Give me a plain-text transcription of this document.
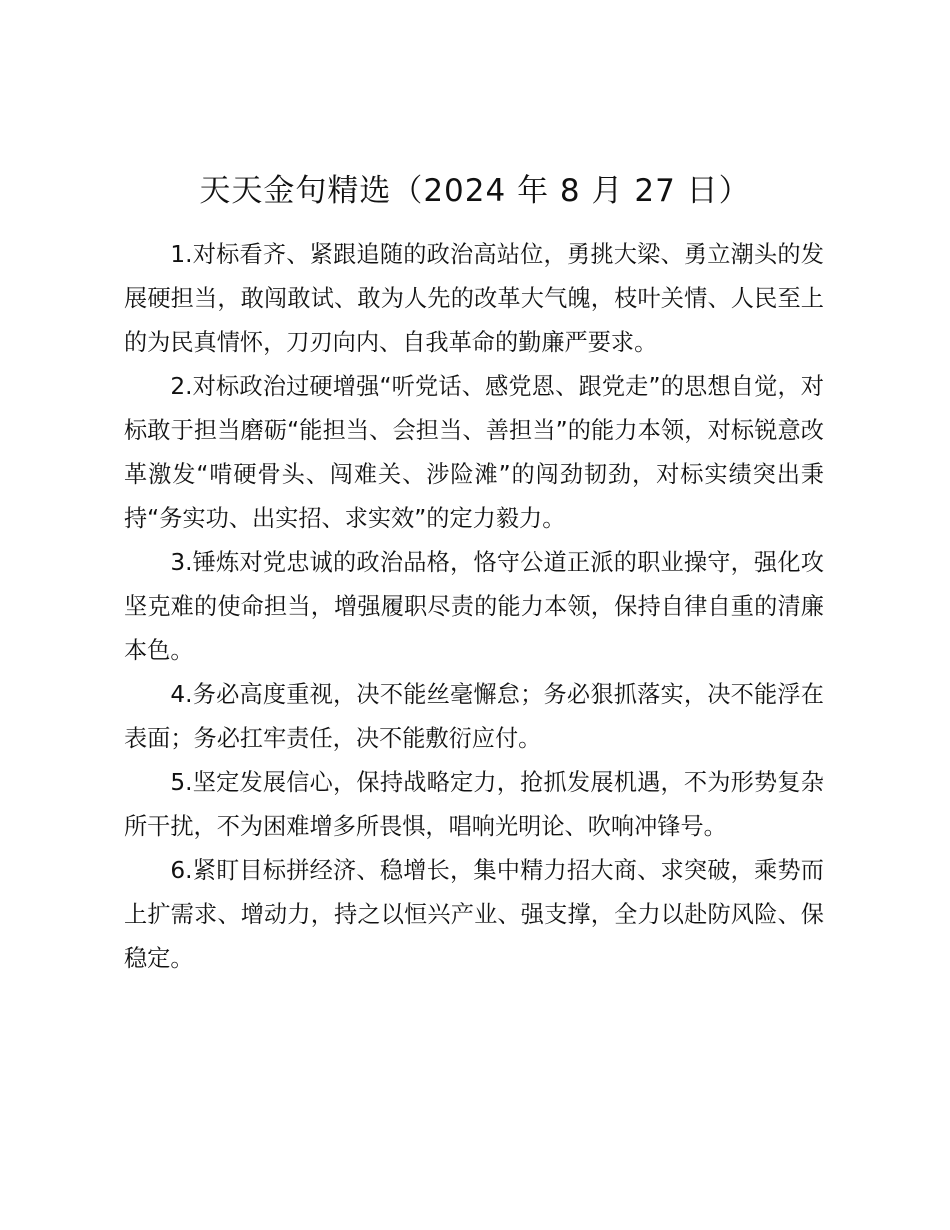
天天金句精选（2024 年 8 月 27 日）

1.对标看齐、紧跟追随的政治高站位，勇挑大梁、勇立潮头的发展硬担当，敢闯敢试、敢为人先的改革大气魄，枝叶关情、人民至上的为民真情怀，刀刃向内、自我革命的勤廉严要求。

2.对标政治过硬增强“听党话、感党恩、跟党走”的思想自觉，对标敢于担当磨砺“能担当、会担当、善担当”的能力本领，对标锐意改革激发“啃硬骨头、闯难关、涉险滩”的闯劲韧劲，对标实绩突出秉持“务实功、出实招、求实效”的定力毅力。

3.锤炼对党忠诚的政治品格，恪守公道正派的职业操守，强化攻坚克难的使命担当，增强履职尽责的能力本领，保持自律自重的清廉本色。

4.务必高度重视，决不能丝毫懈怠；务必狠抓落实，决不能浮在表面；务必扛牢责任，决不能敷衍应付。

5.坚定发展信心，保持战略定力，抢抓发展机遇，不为形势复杂所干扰，不为困难增多所畏惧，唱响光明论、吹响冲锋号。

6.紧盯目标拼经济、稳增长，集中精力招大商、求突破，乘势而上扩需求、增动力，持之以恒兴产业、强支撑，全力以赴防风险、保稳定。
